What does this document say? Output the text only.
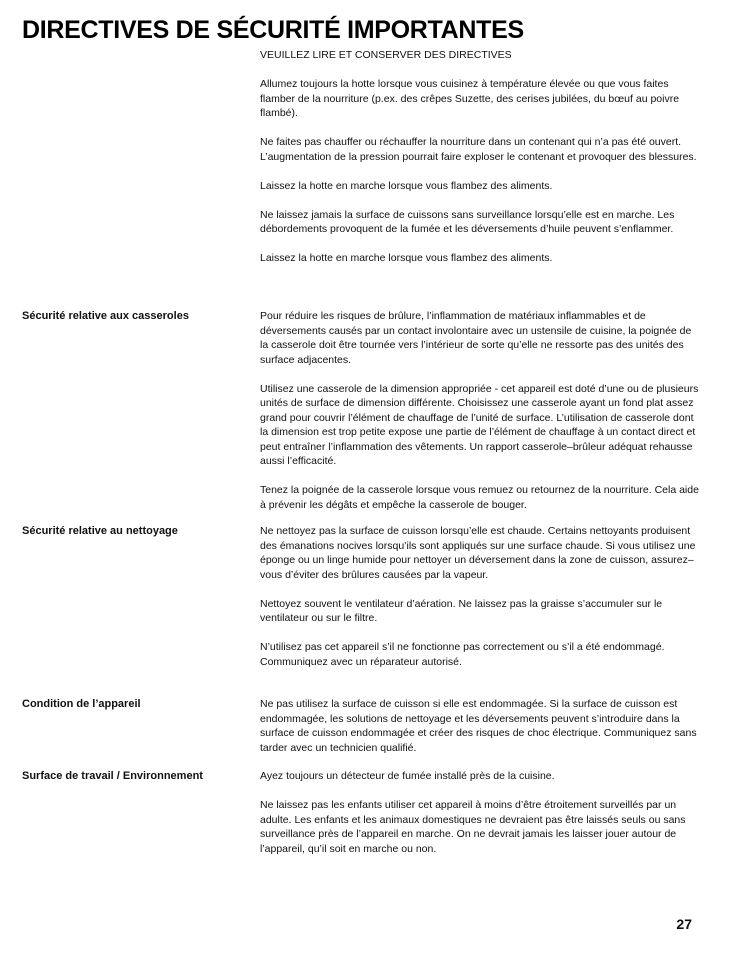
DIRECTIVES DE SÉCURITÉ IMPORTANTES

VEUILLEZ LIRE ET CONSERVER DES DIRECTIVES

Allumez toujours la hotte lorsque vous cuisinez à température élevée ou que vous faites flamber de la nourriture (p.ex. des crêpes Suzette, des cerises jubilées, du bœuf au poivre flambé).

Ne faites pas chauffer ou réchauffer la nourriture dans un contenant qui n’a pas été ouvert. L’augmentation de la pression pourrait faire exploser le contenant et provoquer des blessures.

Laissez la hotte en marche lorsque vous flambez des aliments.

Ne laissez jamais la surface de cuissons sans surveillance lorsqu’elle est en marche. Les débordements provoquent de la fumée et les déversements d’huile peuvent s’enflammer.

Laissez la hotte en marche lorsque vous flambez des aliments.

Sécurité relative aux casseroles	Pour réduire les risques de brûlure, l’inflammation de matériaux inflammables et de déversements causés par un contact involontaire avec un ustensile de cuisine, la poignée de la casserole doit être tournée vers l’intérieur de sorte qu’elle ne ressorte pas des unités des surface adjacentes.

Utilisez une casserole de la dimension appropriée - cet appareil est doté d’une ou de plusieurs unités de surface de dimension différente. Choisissez une casserole ayant un fond plat assez grand pour couvrir l’élément de chauffage de l’unité de surface. L’utilisation de casserole dont la dimension est trop petite expose une partie de l’élément de chauffage à un contact direct et peut entraîner l’inflammation des vêtements. Un rapport casserole–brûleur adéquat rehausse aussi l’efficacité.

Tenez la poignée de la casserole lorsque vous remuez ou retournez de la nourriture. Cela aide à prévenir les dégâts et empêche la casserole de bouger.

Sécurité relative au nettoyage	Ne nettoyez pas la surface de cuisson lorsqu’elle est chaude. Certains nettoyants produisent des émanations nocives lorsqu’ils sont appliqués sur une surface chaude. Si vous utilisez une éponge ou un linge humide pour nettoyer un déversement dans la zone de cuisson, assurez–vous d’éviter des brûlures causées par la vapeur.

Nettoyez souvent le ventilateur d’aération. Ne laissez pas la graisse s’accumuler sur le ventilateur ou sur le filtre.

N’utilisez pas cet appareil s’il ne fonctionne pas correctement ou s’il a été endommagé. Communiquez avec un réparateur autorisé.

Condition de l’appareil	Ne pas utilisez la surface de cuisson si elle est endommagée. Si la surface de cuisson est endommagée, les solutions de nettoyage et les déversements peuvent s’introduire dans la surface de cuisson endommagée et créer des risques de choc électrique. Communiquez sans tarder avec un technicien qualifié.

Surface de travail / Environnement	Ayez toujours un détecteur de fumée installé près de la cuisine.

Ne laissez pas les enfants utiliser cet appareil à moins d’être étroitement surveillés par un adulte. Les enfants et les animaux domestiques ne devraient pas être laissés seuls ou sans surveillance près de l’appareil en marche. On ne devrait jamais les laisser jouer autour de l’appareil, qu’il soit en marche ou non.

27
